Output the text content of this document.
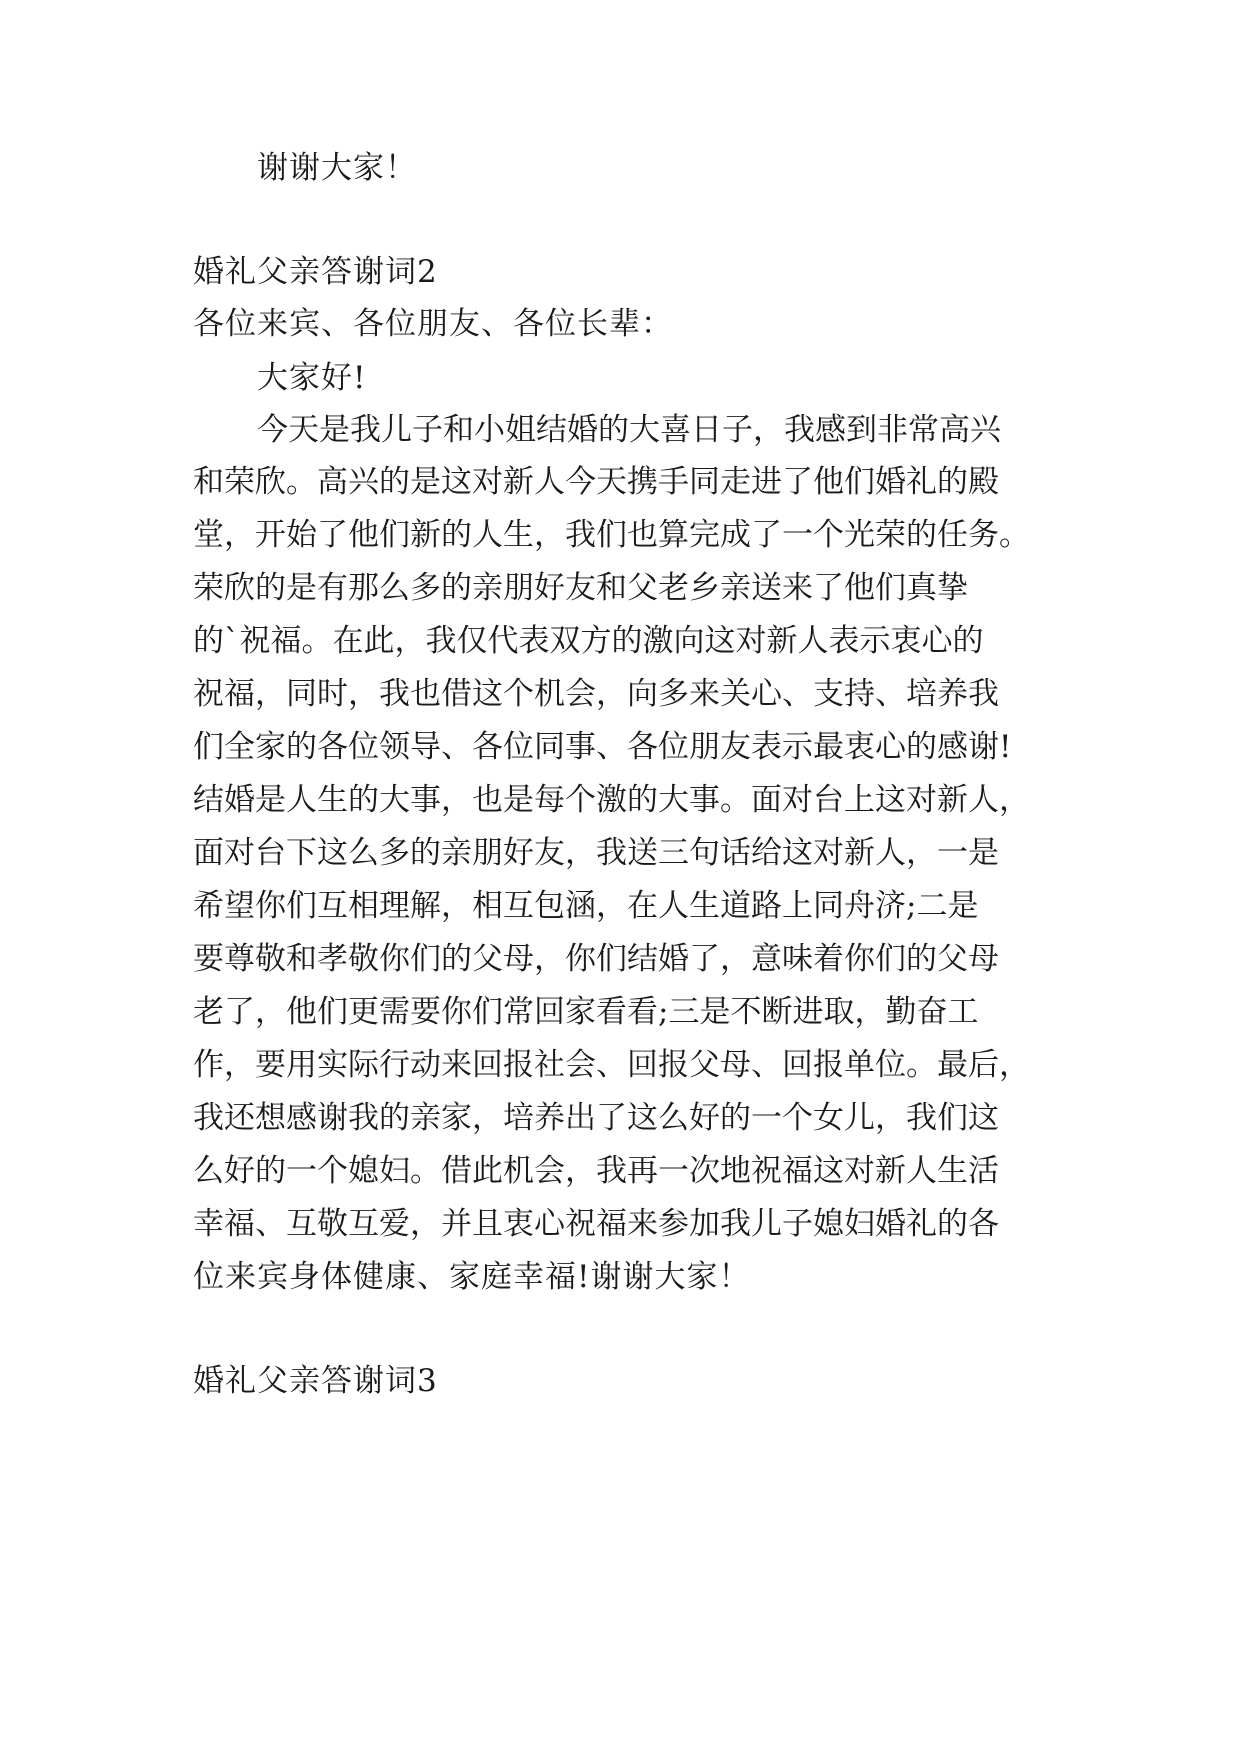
谢谢大家！
婚礼父亲答谢词2
各位来宾、各位朋友、各位长辈：
大家好!
今天是我儿子和小姐结婚的大喜日子，我感到非常高兴
和荣欣。高兴的是这对新人今天携手同走进了他们婚礼的殿
堂，开始了他们新的人生，我们也算完成了一个光荣的任务。
荣欣的是有那么多的亲朋好友和父老乡亲送来了他们真挚
的`祝福。在此，我仅代表双方的激向这对新人表示衷心的
祝福，同时，我也借这个机会，向多来关心、支持、培养我
们全家的各位领导、各位同事、各位朋友表示最衷心的感谢!
结婚是人生的大事，也是每个激的大事。面对台上这对新人，
面对台下这么多的亲朋好友，我送三句话给这对新人，一是
希望你们互相理解，相互包涵，在人生道路上同舟济;二是
要尊敬和孝敬你们的父母，你们结婚了，意味着你们的父母
老了，他们更需要你们常回家看看;三是不断进取，勤奋工
作，要用实际行动来回报社会、回报父母、回报单位。最后，
我还想感谢我的亲家，培养出了这么好的一个女儿，我们这
么好的一个媳妇。借此机会，我再一次地祝福这对新人生活
幸福、互敬互爱，并且衷心祝福来参加我儿子媳妇婚礼的各
位来宾身体健康、家庭幸福!谢谢大家！
婚礼父亲答谢词3
